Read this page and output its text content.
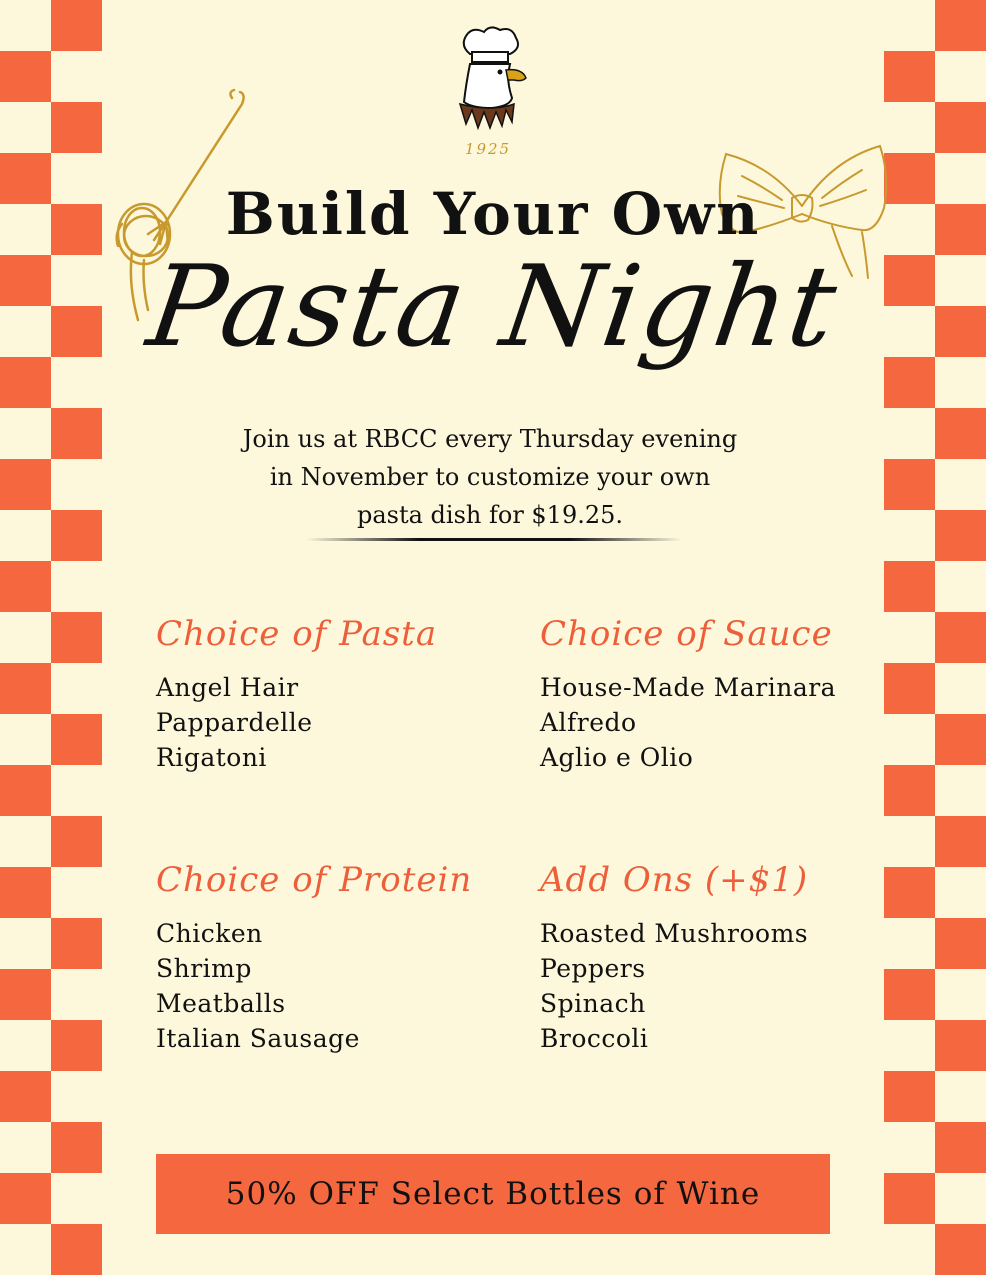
1925
Build Your Own
Pasta Night
Join us at RBCC every Thursday evening
in November to customize your own
pasta dish for $19.25.
Choice of Pasta
Angel Hair
Pappardelle
Rigatoni
Choice of Sauce
House-Made Marinara
Alfredo
Aglio e Olio
Choice of Protein
Chicken
Shrimp
Meatballs
Italian Sausage
Add Ons (+$1)
Roasted Mushrooms
Peppers
Spinach
Broccoli
50% OFF Select Bottles of Wine
